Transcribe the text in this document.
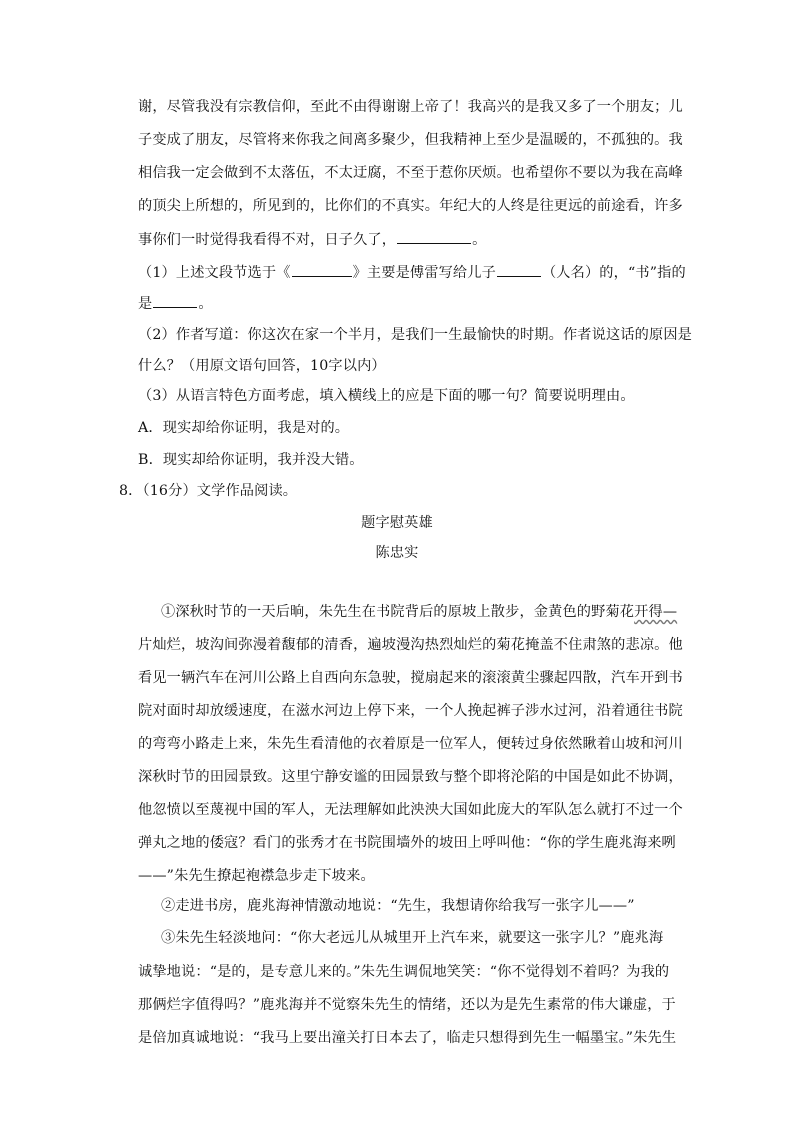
谢，尽管我没有宗教信仰，至此不由得谢谢上帝了！我高兴的是我又多了一个朋友；儿
子变成了朋友，尽管将来你我之间离多聚少，但我精神上至少是温暖的，不孤独的。我
相信我一定会做到不太落伍，不太迂腐，不至于惹你厌烦。也希望你不要以为我在高峰
的顶尖上所想的，所见到的，比你们的不真实。年纪大的人终是往更远的前途看，许多
事你们一时觉得我看得不对，日子久了，	。
（1）上述文段节选于《	》主要是傅雷写给儿子	（人名）的，“书”指的
是	。
（2）作者写道：你这次在家一个半月，是我们一生最愉快的时期。作者说这话的原因是
什么？（用原文语句回答，10字以内）
（3）从语言特色方面考虑，填入横线上的应是下面的哪一句？简要说明理由。
A．现实却给你证明，我是对的。
B．现实却给你证明，我并没大错。
8．（16分）文学作品阅读。
题字慰英雄
陈忠实
①深秋时节的一天后晌，朱先生在书院背后的原坡上散步，金黄色的野菊花开得—
片灿烂，坡沟间弥漫着馥郁的清香，遍坡漫沟热烈灿烂的菊花掩盖不住肃煞的悲凉。他
看见一辆汽车在河川公路上自西向东急驶，搅扇起来的滚滚黄尘骤起四散，汽车开到书
院对面时却放缓速度，在滋水河边上停下来，一个人挽起裤子涉水过河，沿着通往书院
的弯弯小路走上来，朱先生看清他的衣着原是一位军人，便转过身依然瞅着山坡和河川
深秋时节的田园景致。这里宁静安谧的田园景致与整个即将沦陷的中国是如此不协调，
他忽愤以至蔑视中国的军人，无法理解如此泱泱大国如此庞大的军队怎么就打不过一个
弹丸之地的倭寇？看门的张秀才在书院围墙外的坡田上呼叫他：“你的学生鹿兆海来咧
——”朱先生撩起袍襟急步走下坡来。
②走进书房，鹿兆海神情激动地说：“先生，我想请你给我写一张字儿——”
③朱先生轻淡地问：“你大老远儿从城里开上汽车来，就要这一张字儿？”鹿兆海
诚挚地说：“是的，是专意儿来的。”朱先生调侃地笑笑：“你不觉得划不着吗？为我的
那俩烂字值得吗？”鹿兆海并不觉察朱先生的情绪，还以为是先生素常的伟大谦虚，于
是倍加真诚地说：“我马上要出潼关打日本去了，临走只想得到先生一幅墨宝。”朱先生
